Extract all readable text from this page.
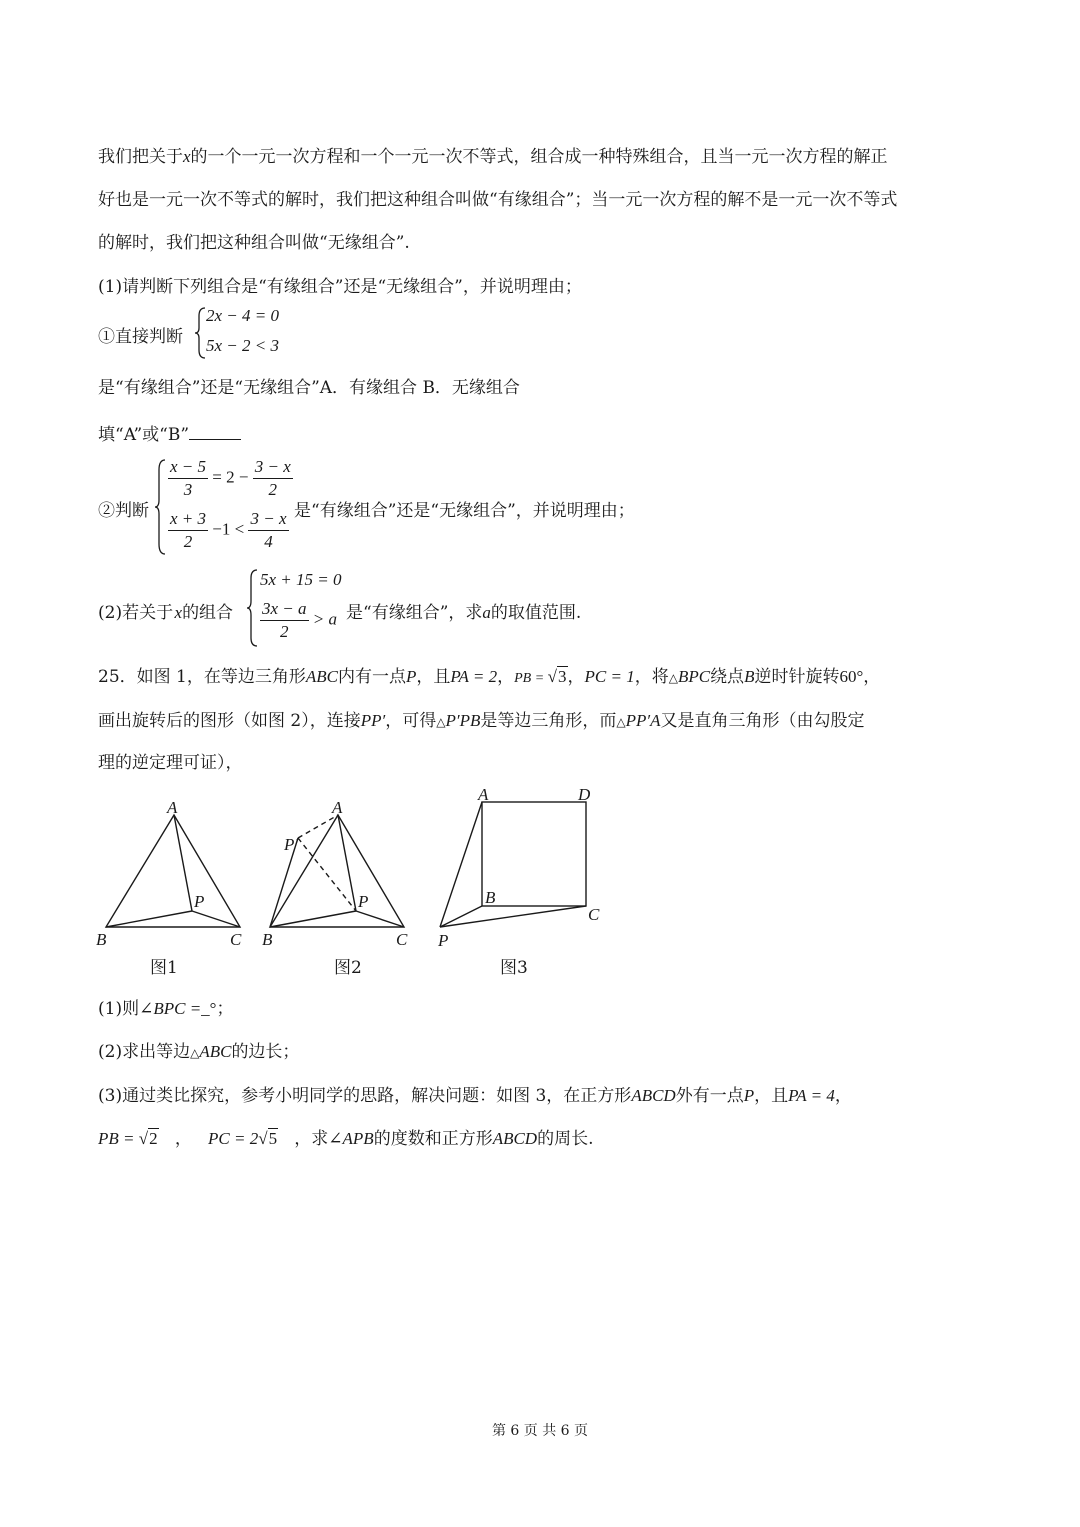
我们把关于x的一个一元一次方程和一个一元一次不等式，组合成一种特殊组合，且当一元一次方程的解正
好也是一元一次不等式的解时，我们把这种组合叫做“有缘组合”；当一元一次方程的解不是一元一次不等式
的解时，我们把这种组合叫做“无缘组合”.
(1)请判断下列组合是“有缘组合”还是“无缘组合”，并说明理由；
①直接判断
2x − 4 = 0
5x − 2 < 3
是“有缘组合”还是“无缘组合”A．有缘组合 B．无缘组合
填“A”或“B”
②判断
$\frac{x - 5}{3} = 2 - \frac{3 - x}{2}$
$\frac{x + 3}{2} -1 < \frac{3 - x}{4}$ 是“有缘组合”还是“无缘组合”，并说明理由；
(2)若关于 x的组合
5x + 15 = 0
$\frac{3x - a}{2} > a$ 是“有缘组合”，求a的取值范围.
25．如图 1，在等边三角形ABC内有一点P，且PA = 2，PB = √3，PC = 1，将△BPC绕点B逆时针旋转60°，
画出旋转后的图形（如图 2），连接PP′，可得△P′PB是等边三角形，而△PP′A又是直角三角形（由勾股定
理的逆定理可证），
A
B	C
P
A
B	C
P
P′
A	D
B
C
P
图1	图2	图3
(1)则∠BPC =_°；
(2)求出等边△ABC的边长；
(3)通过类比探究，参考小明同学的思路，解决问题：如图 3，在正方形ABCD外有一点P，且PA = 4，
PB = √2 ， PC = 2√5 ，求∠APB的度数和正方形ABCD的周长.
第 6 页 共 6 页
